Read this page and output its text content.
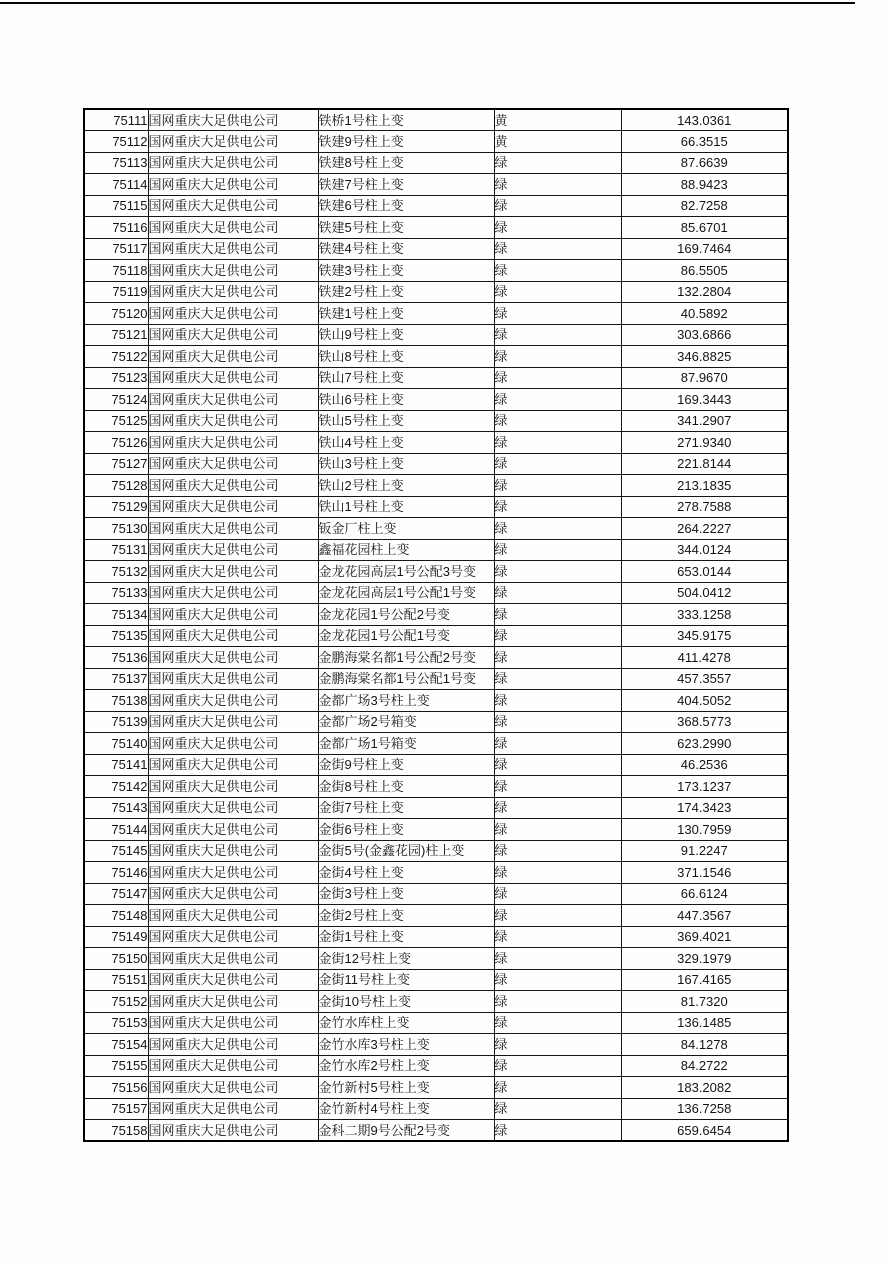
75111	国网重庆大足供电公司	铁桥1号柱上变	黄	143.0361
75112	国网重庆大足供电公司	铁建9号柱上变	黄	66.3515
75113	国网重庆大足供电公司	铁建8号柱上变	绿	87.6639
75114	国网重庆大足供电公司	铁建7号柱上变	绿	88.9423
75115	国网重庆大足供电公司	铁建6号柱上变	绿	82.7258
75116	国网重庆大足供电公司	铁建5号柱上变	绿	85.6701
75117	国网重庆大足供电公司	铁建4号柱上变	绿	169.7464
75118	国网重庆大足供电公司	铁建3号柱上变	绿	86.5505
75119	国网重庆大足供电公司	铁建2号柱上变	绿	132.2804
75120	国网重庆大足供电公司	铁建1号柱上变	绿	40.5892
75121	国网重庆大足供电公司	铁山9号柱上变	绿	303.6866
75122	国网重庆大足供电公司	铁山8号柱上变	绿	346.8825
75123	国网重庆大足供电公司	铁山7号柱上变	绿	87.9670
75124	国网重庆大足供电公司	铁山6号柱上变	绿	169.3443
75125	国网重庆大足供电公司	铁山5号柱上变	绿	341.2907
75126	国网重庆大足供电公司	铁山4号柱上变	绿	271.9340
75127	国网重庆大足供电公司	铁山3号柱上变	绿	221.8144
75128	国网重庆大足供电公司	铁山2号柱上变	绿	213.1835
75129	国网重庆大足供电公司	铁山1号柱上变	绿	278.7588
75130	国网重庆大足供电公司	钣金厂柱上变	绿	264.2227
75131	国网重庆大足供电公司	鑫福花园柱上变	绿	344.0124
75132	国网重庆大足供电公司	金龙花园高层1号公配3号变	绿	653.0144
75133	国网重庆大足供电公司	金龙花园高层1号公配1号变	绿	504.0412
75134	国网重庆大足供电公司	金龙花园1号公配2号变	绿	333.1258
75135	国网重庆大足供电公司	金龙花园1号公配1号变	绿	345.9175
75136	国网重庆大足供电公司	金鹏海棠名都1号公配2号变	绿	411.4278
75137	国网重庆大足供电公司	金鹏海棠名都1号公配1号变	绿	457.3557
75138	国网重庆大足供电公司	金都广场3号柱上变	绿	404.5052
75139	国网重庆大足供电公司	金都广场2号箱变	绿	368.5773
75140	国网重庆大足供电公司	金都广场1号箱变	绿	623.2990
75141	国网重庆大足供电公司	金街9号柱上变	绿	46.2536
75142	国网重庆大足供电公司	金街8号柱上变	绿	173.1237
75143	国网重庆大足供电公司	金街7号柱上变	绿	174.3423
75144	国网重庆大足供电公司	金街6号柱上变	绿	130.7959
75145	国网重庆大足供电公司	金街5号(金鑫花园)柱上变	绿	91.2247
75146	国网重庆大足供电公司	金街4号柱上变	绿	371.1546
75147	国网重庆大足供电公司	金街3号柱上变	绿	66.6124
75148	国网重庆大足供电公司	金街2号柱上变	绿	447.3567
75149	国网重庆大足供电公司	金街1号柱上变	绿	369.4021
75150	国网重庆大足供电公司	金街12号柱上变	绿	329.1979
75151	国网重庆大足供电公司	金街11号柱上变	绿	167.4165
75152	国网重庆大足供电公司	金街10号柱上变	绿	81.7320
75153	国网重庆大足供电公司	金竹水库柱上变	绿	136.1485
75154	国网重庆大足供电公司	金竹水库3号柱上变	绿	84.1278
75155	国网重庆大足供电公司	金竹水库2号柱上变	绿	84.2722
75156	国网重庆大足供电公司	金竹新村5号柱上变	绿	183.2082
75157	国网重庆大足供电公司	金竹新村4号柱上变	绿	136.7258
75158	国网重庆大足供电公司	金科二期9号公配2号变	绿	659.6454
